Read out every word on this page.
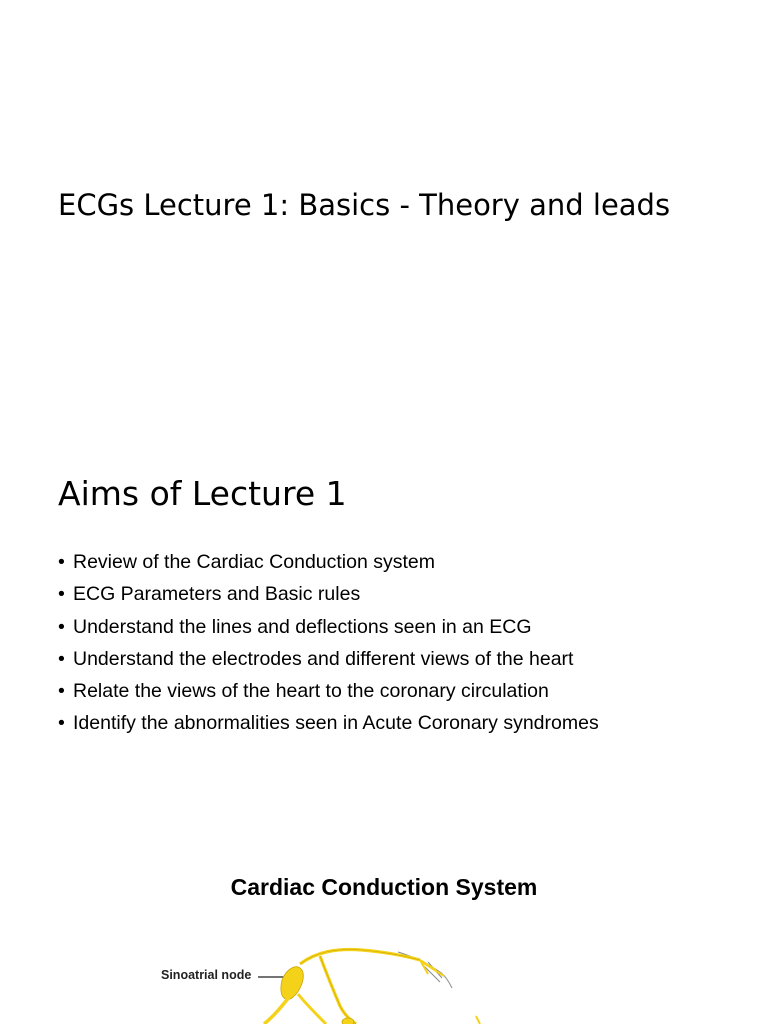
ECGs Lecture 1: Basics - Theory and leads
Aims of Lecture 1
• Review of the Cardiac Conduction system
• ECG Parameters and Basic rules
• Understand the lines and deflections seen in an ECG
• Understand the electrodes and different views of the heart
• Relate the views of the heart to the coronary circulation
• Identify the abnormalities seen in Acute Coronary syndromes
Cardiac Conduction System
Sinoatrial node
